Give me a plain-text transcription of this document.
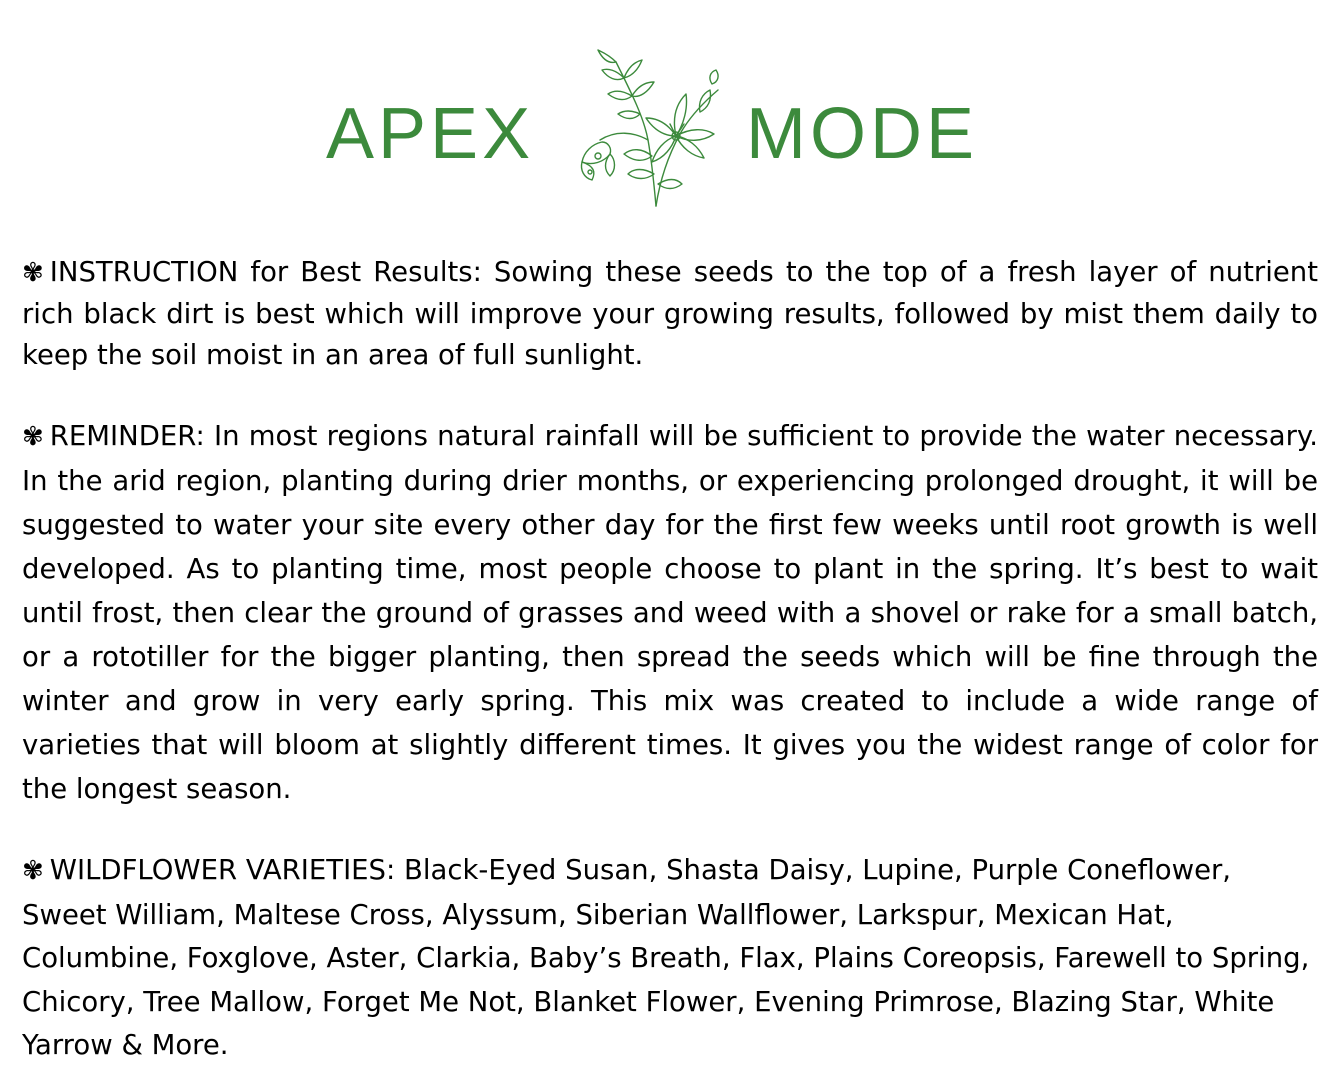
APEX	MODE

✾ INSTRUCTION for Best Results: Sowing these seeds to the top of a fresh layer of nutrient rich black dirt is best which will improve your growing results, followed by mist them daily to keep the soil moist in an area of full sunlight.

✾ REMINDER: In most regions natural rainfall will be sufficient to provide the water necessary. In the arid region, planting during drier months, or experiencing prolonged drought, it will be suggested to water your site every other day for the first few weeks until root growth is well developed. As to planting time, most people choose to plant in the spring. It’s best to wait until frost, then clear the ground of grasses and weed with a shovel or rake for a small batch, or a rototiller for the bigger planting, then spread the seeds which will be fine through the winter and grow in very early spring. This mix was created to include a wide range of varieties that will bloom at slightly different times. It gives you the widest range of color for the longest season.

✾ WILDFLOWER VARIETIES: Black-Eyed Susan, Shasta Daisy, Lupine, Purple Coneflower, Sweet William, Maltese Cross, Alyssum, Siberian Wallflower, Larkspur, Mexican Hat, Columbine, Foxglove, Aster, Clarkia, Baby’s Breath, Flax, Plains Coreopsis, Farewell to Spring, Chicory, Tree Mallow, Forget Me Not, Blanket Flower, Evening Primrose, Blazing Star, White Yarrow & More.
